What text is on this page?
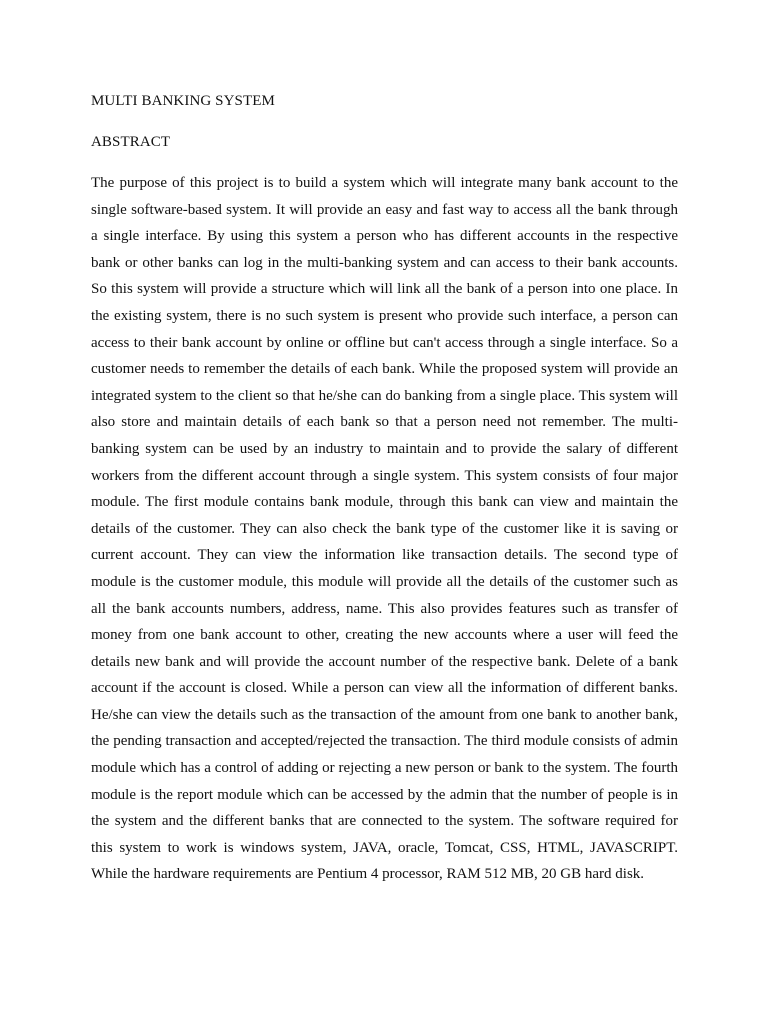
MULTI BANKING SYSTEM
ABSTRACT

The purpose of this project is to build a system which will integrate many bank account to the single software-based system. It will provide an easy and fast way to access all the bank through a single interface. By using this system a person who has different accounts in the respective bank or other banks can log in the multi-banking system and can access to their bank accounts. So this system will provide a structure which will link all the bank of a person into one place. In the existing system, there is no such system is present who provide such interface, a person can access to their bank account by online or offline but can't access through a single interface. So a customer needs to remember the details of each bank. While the proposed system will provide an integrated system to the client so that he/she can do banking from a single place. This system will also store and maintain details of each bank so that a person need not remember. The multi-banking system can be used by an industry to maintain and to provide the salary of different workers from the different account through a single system. This system consists of four major module. The first module contains bank module, through this bank can view and maintain the details of the customer. They can also check the bank type of the customer like it is saving or current account. They can view the information like transaction details. The second type of module is the customer module, this module will provide all the details of the customer such as all the bank accounts numbers, address, name. This also provides features such as transfer of money from one bank account to other, creating the new accounts where a user will feed the details new bank and will provide the account number of the respective bank. Delete of a bank account if the account is closed. While a person can view all the information of different banks. He/she can view the details such as the transaction of the amount from one bank to another bank, the pending transaction and accepted/rejected the transaction. The third module consists of admin module which has a control of adding or rejecting a new person or bank to the system. The fourth module is the report module which can be accessed by the admin that the number of people is in the system and the different banks that are connected to the system. The software required for this system to work is windows system, JAVA, oracle, Tomcat, CSS, HTML, JAVASCRIPT. While the hardware requirements are Pentium 4 processor, RAM 512 MB, 20 GB hard disk.
